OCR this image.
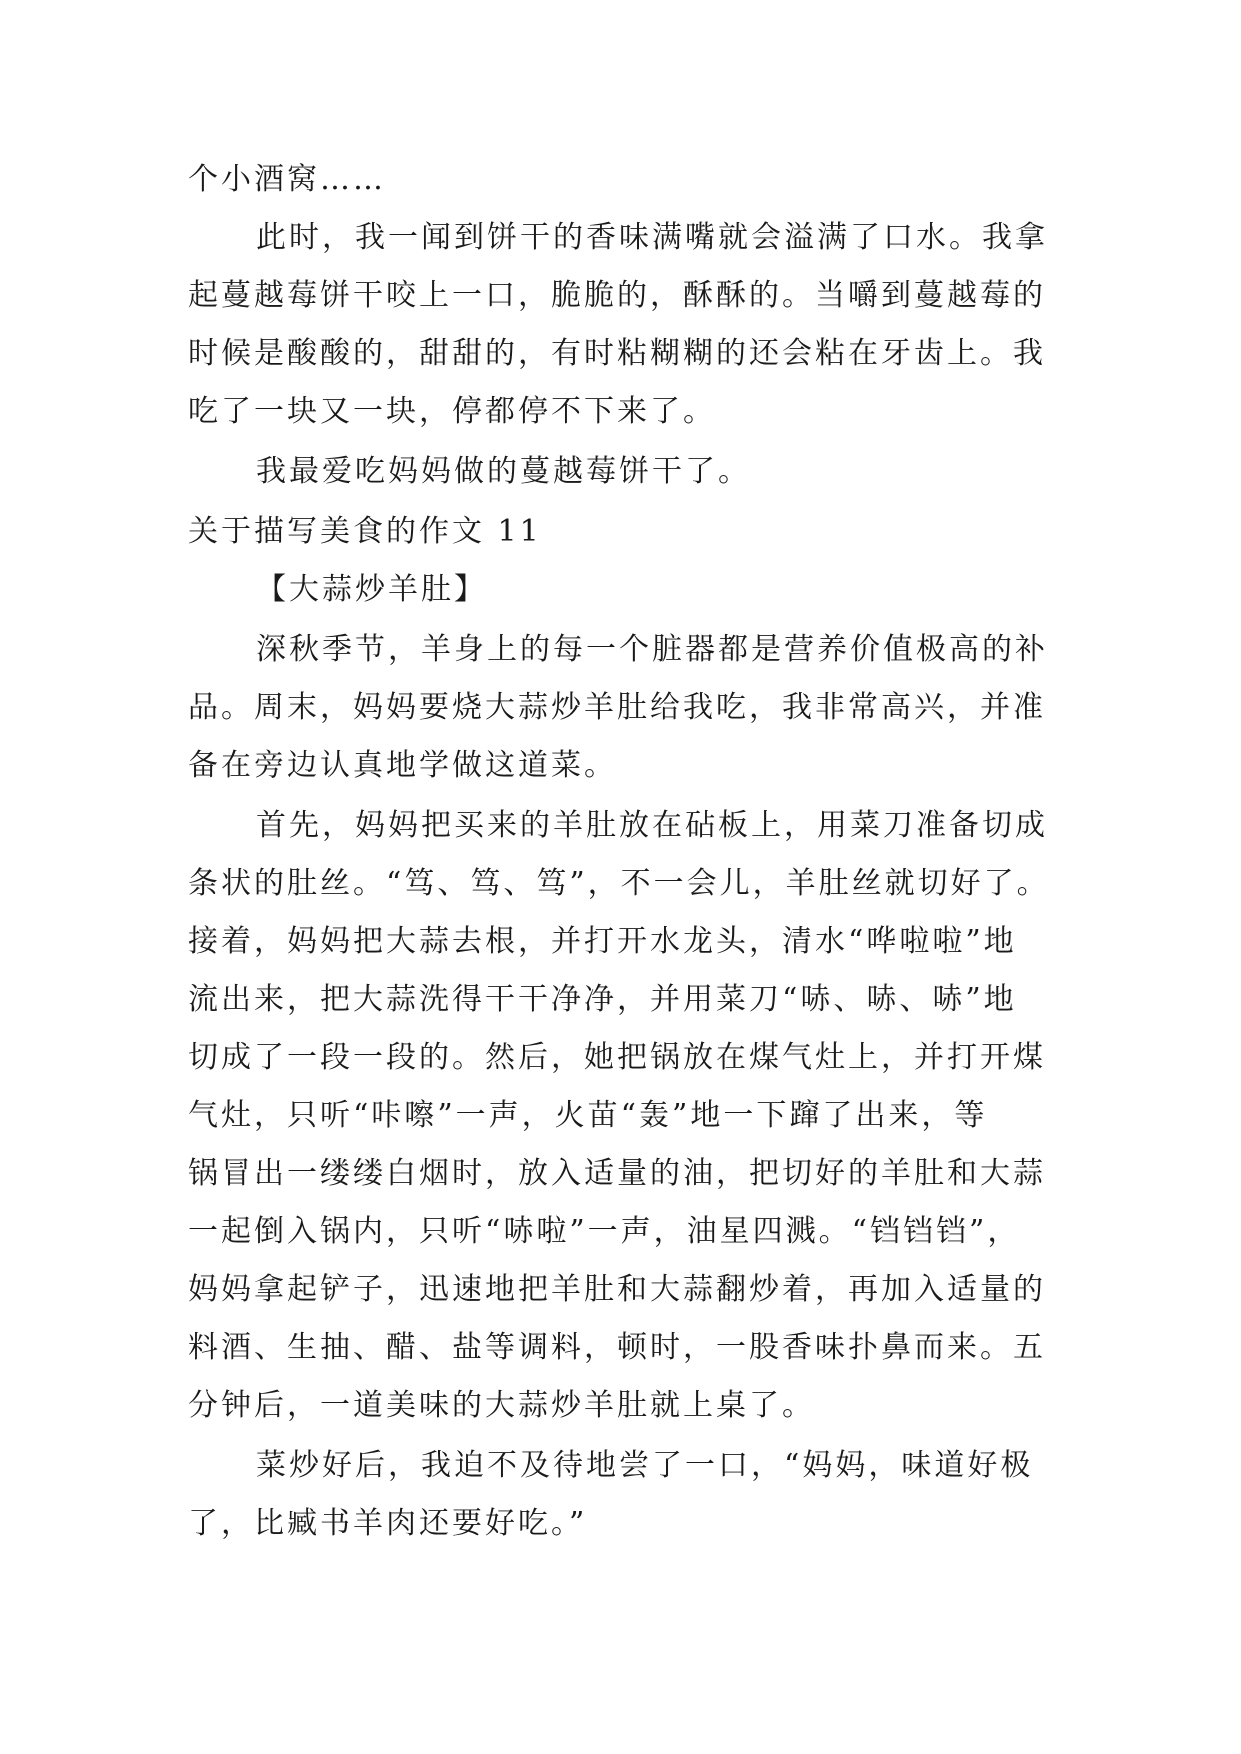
个小酒窝……

此时，我一闻到饼干的香味满嘴就会溢满了口水。我拿

起蔓越莓饼干咬上一口，脆脆的，酥酥的。当嚼到蔓越莓的

时候是酸酸的，甜甜的，有时粘糊糊的还会粘在牙齿上。我

吃了一块又一块，停都停不下来了。

我最爱吃妈妈做的蔓越莓饼干了。

关于描写美食的作文 11

【大蒜炒羊肚】

深秋季节，羊身上的每一个脏器都是营养价值极高的补

品。周末，妈妈要烧大蒜炒羊肚给我吃，我非常高兴，并准

备在旁边认真地学做这道菜。

首先，妈妈把买来的羊肚放在砧板上，用菜刀准备切成

条状的肚丝。“笃、笃、笃”，不一会儿，羊肚丝就切好了。

接着，妈妈把大蒜去根，并打开水龙头，清水“哗啦啦”地

流出来，把大蒜洗得干干净净，并用菜刀“哧、哧、哧”地

切成了一段一段的。然后，她把锅放在煤气灶上，并打开煤

气灶，只听“咔嚓”一声，火苗“轰”地一下蹿了出来，等

锅冒出一缕缕白烟时，放入适量的油，把切好的羊肚和大蒜

一起倒入锅内，只听“哧啦”一声，油星四溅。“铛铛铛”，

妈妈拿起铲子，迅速地把羊肚和大蒜翻炒着，再加入适量的

料酒、生抽、醋、盐等调料，顿时，一股香味扑鼻而来。五

分钟后，一道美味的大蒜炒羊肚就上桌了。

菜炒好后，我迫不及待地尝了一口，“妈妈，味道好极

了，比臧书羊肉还要好吃。”
